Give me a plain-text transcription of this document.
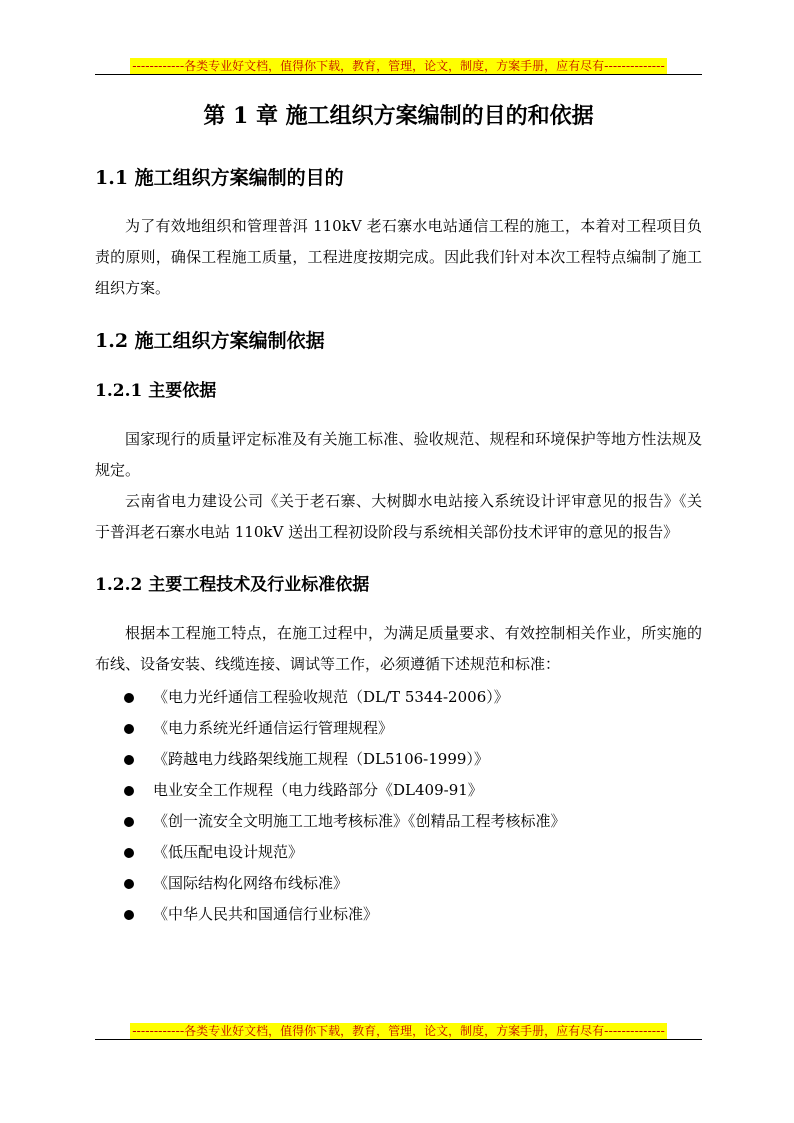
------------各类专业好文档，值得你下载，教育，管理，论文，制度，方案手册，应有尽有--------------
第 1 章 施工组织方案编制的目的和依据
1.1 施工组织方案编制的目的

为了有效地组织和管理普洱 110kV 老石寨水电站通信工程的施工，本着对工程项目负责的原则，确保工程施工质量，工程进度按期完成。因此我们针对本次工程特点编制了施工组织方案。

1.2 施工组织方案编制依据
1.2.1 主要依据

国家现行的质量评定标准及有关施工标准、验收规范、规程和环境保护等地方性法规及规定。

云南省电力建设公司《关于老石寨、大树脚水电站接入系统设计评审意见的报告》《关于普洱老石寨水电站 110kV 送出工程初设阶段与系统相关部份技术评审的意见的报告》

1.2.2 主要工程技术及行业标准依据

根据本工程施工特点，在施工过程中，为满足质量要求、有效控制相关作业，所实施的布线、设备安装、线缆连接、调试等工作，必须遵循下述规范和标准：

《电力光纤通信工程验收规范（DL/T 5344-2006）》
《电力系统光纤通信运行管理规程》
《跨越电力线路架线施工规程（DL5106-1999）》
电业安全工作规程（电力线路部分《DL409-91》
《创一流安全文明施工工地考核标准》《创精品工程考核标准》
《低压配电设计规范》
《国际结构化网络布线标准》
《中华人民共和国通信行业标准》
------------各类专业好文档，值得你下载，教育，管理，论文，制度，方案手册，应有尽有--------------
